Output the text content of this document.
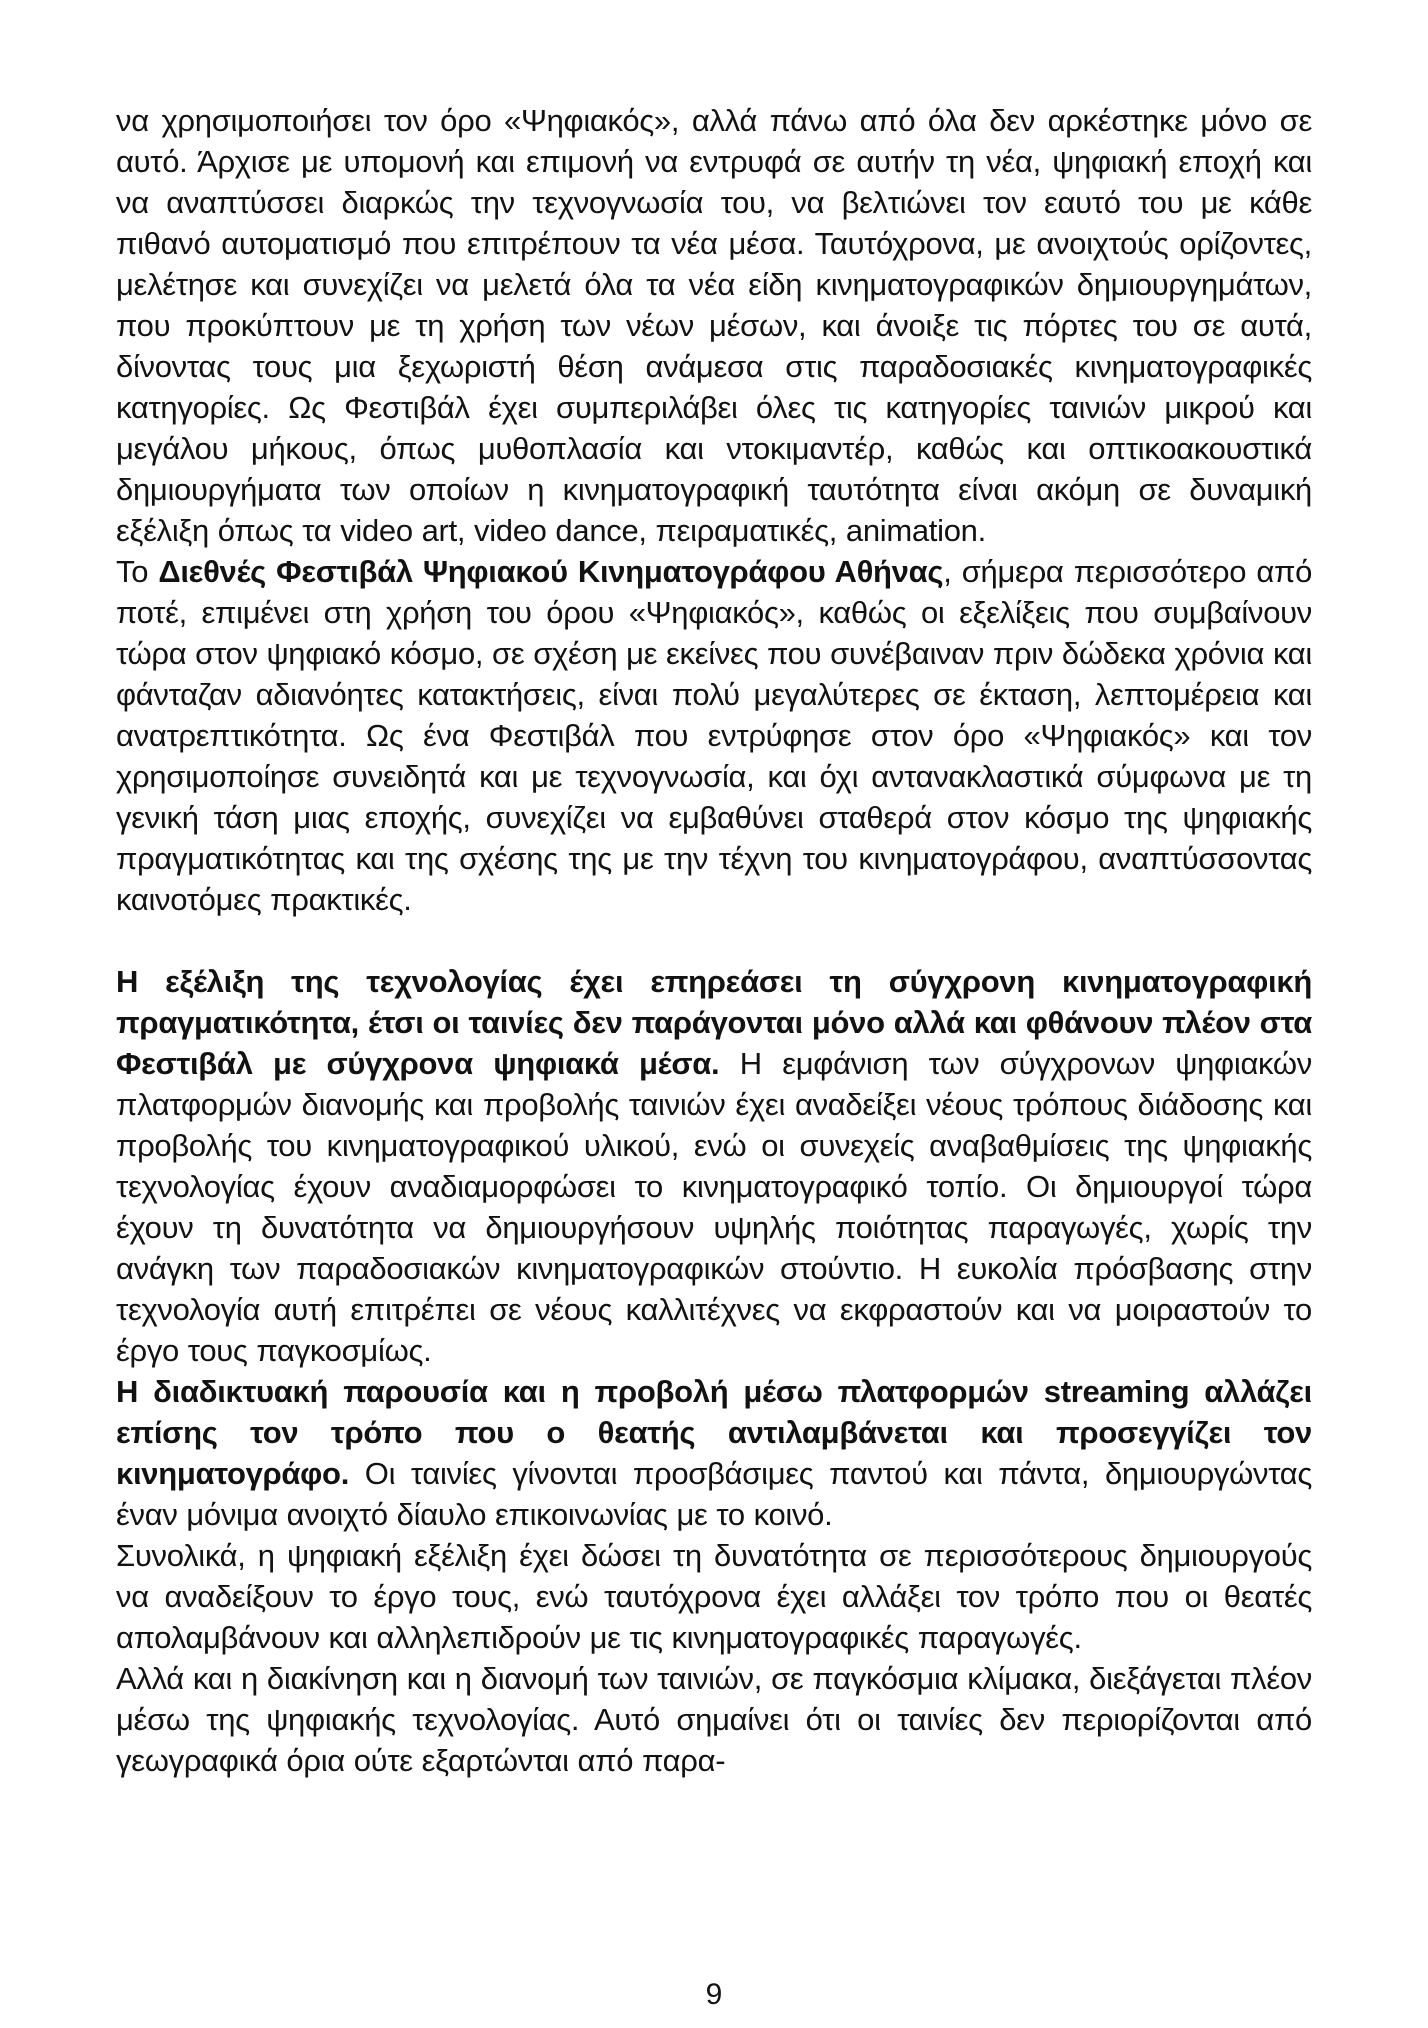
να χρησιμοποιήσει τον όρο «Ψηφιακός», αλλά πάνω από όλα δεν αρκέστηκε μόνο σε αυτό. Άρχισε με υπομονή και επιμονή να εντρυφά σε αυτήν τη νέα, ψηφιακή εποχή και να αναπτύσσει διαρκώς την τεχνογνωσία του, να βελτιώνει τον εαυτό του με κάθε πιθανό αυτοματισμό που επιτρέπουν τα νέα μέσα. Ταυτόχρονα, με ανοιχτούς ορίζοντες, μελέτησε και συνεχίζει να μελετά όλα τα νέα είδη κινηματογραφικών δημιουργημάτων, που προκύπτουν με τη χρήση των νέων μέσων, και άνοιξε τις πόρτες του σε αυτά, δίνοντας τους μια ξεχωριστή θέση ανάμεσα στις παραδοσιακές κινηματογραφικές κατηγορίες. Ως Φεστιβάλ έχει συμπεριλάβει όλες τις κατηγορίες ταινιών μικρού και μεγάλου μήκους, όπως μυθοπλασία και ντοκιμαντέρ, καθώς και οπτικοακουστικά δημιουργήματα των οποίων η κινηματογραφική ταυτότητα είναι ακόμη σε δυναμική εξέλιξη όπως τα video art, video dance, πειραματικές, animation.

Το Διεθνές Φεστιβάλ Ψηφιακού Κινηματογράφου Αθήνας, σήμερα περισσότερο από ποτέ, επιμένει στη χρήση του όρου «Ψηφιακός», καθώς οι εξελίξεις που συμβαίνουν τώρα στον ψηφιακό κόσμο, σε σχέση με εκείνες που συνέβαιναν πριν δώδεκα χρόνια και φάνταζαν αδιανόητες κατακτήσεις, είναι πολύ μεγαλύτερες σε έκταση, λεπτομέρεια και ανατρεπτικότητα. Ως ένα Φεστιβάλ που εντρύφησε στον όρο «Ψηφιακός» και τον χρησιμοποίησε συνειδητά και με τεχνογνωσία, και όχι αντανακλαστικά σύμφωνα με τη γενική τάση μιας εποχής, συνεχίζει να εμβαθύνει σταθερά στον κόσμο της ψηφιακής πραγματικότητας και της σχέσης της με την τέχνη του κινηματογράφου, αναπτύσσοντας καινοτόμες πρακτικές.

Η εξέλιξη της τεχνολογίας έχει επηρεάσει τη σύγχρονη κινηματογραφική πραγματικότητα, έτσι οι ταινίες δεν παράγονται μόνο αλλά και φθάνουν πλέον στα Φεστιβάλ με σύγχρονα ψηφιακά μέσα. Η εμφάνιση των σύγχρονων ψηφιακών πλατφορμών διανομής και προβολής ταινιών έχει αναδείξει νέους τρόπους διάδοσης και προβολής του κινηματογραφικού υλικού, ενώ οι συνεχείς αναβαθμίσεις της ψηφιακής τεχνολογίας έχουν αναδιαμορφώσει το κινηματογραφικό τοπίο. Οι δημιουργοί τώρα έχουν τη δυνατότητα να δημιουργήσουν υψηλής ποιότητας παραγωγές, χωρίς την ανάγκη των παραδοσιακών κινηματογραφικών στούντιο. Η ευκολία πρόσβασης στην τεχνολογία αυτή επιτρέπει σε νέους καλλιτέχνες να εκφραστούν και να μοιραστούν το έργο τους παγκοσμίως.

Η διαδικτυακή παρουσία και η προβολή μέσω πλατφορμών streaming αλλάζει επίσης τον τρόπο που ο θεατής αντιλαμβάνεται και προσεγγίζει τον κινηματογράφο. Οι ταινίες γίνονται προσβάσιμες παντού και πάντα, δημιουργώντας έναν μόνιμα ανοιχτό δίαυλο επικοινωνίας με το κοινό.

Συνολικά, η ψηφιακή εξέλιξη έχει δώσει τη δυνατότητα σε περισσότερους δημιουργούς να αναδείξουν το έργο τους, ενώ ταυτόχρονα έχει αλλάξει τον τρόπο που οι θεατές απολαμβάνουν και αλληλεπιδρούν με τις κινηματογραφικές παραγωγές.

Αλλά και η διακίνηση και η διανομή των ταινιών, σε παγκόσμια κλίμακα, διεξάγεται πλέον μέσω της ψηφιακής τεχνολογίας. Αυτό σημαίνει ότι οι ταινίες δεν περιορίζονται από γεωγραφικά όρια ούτε εξαρτώνται από παρα-

9
